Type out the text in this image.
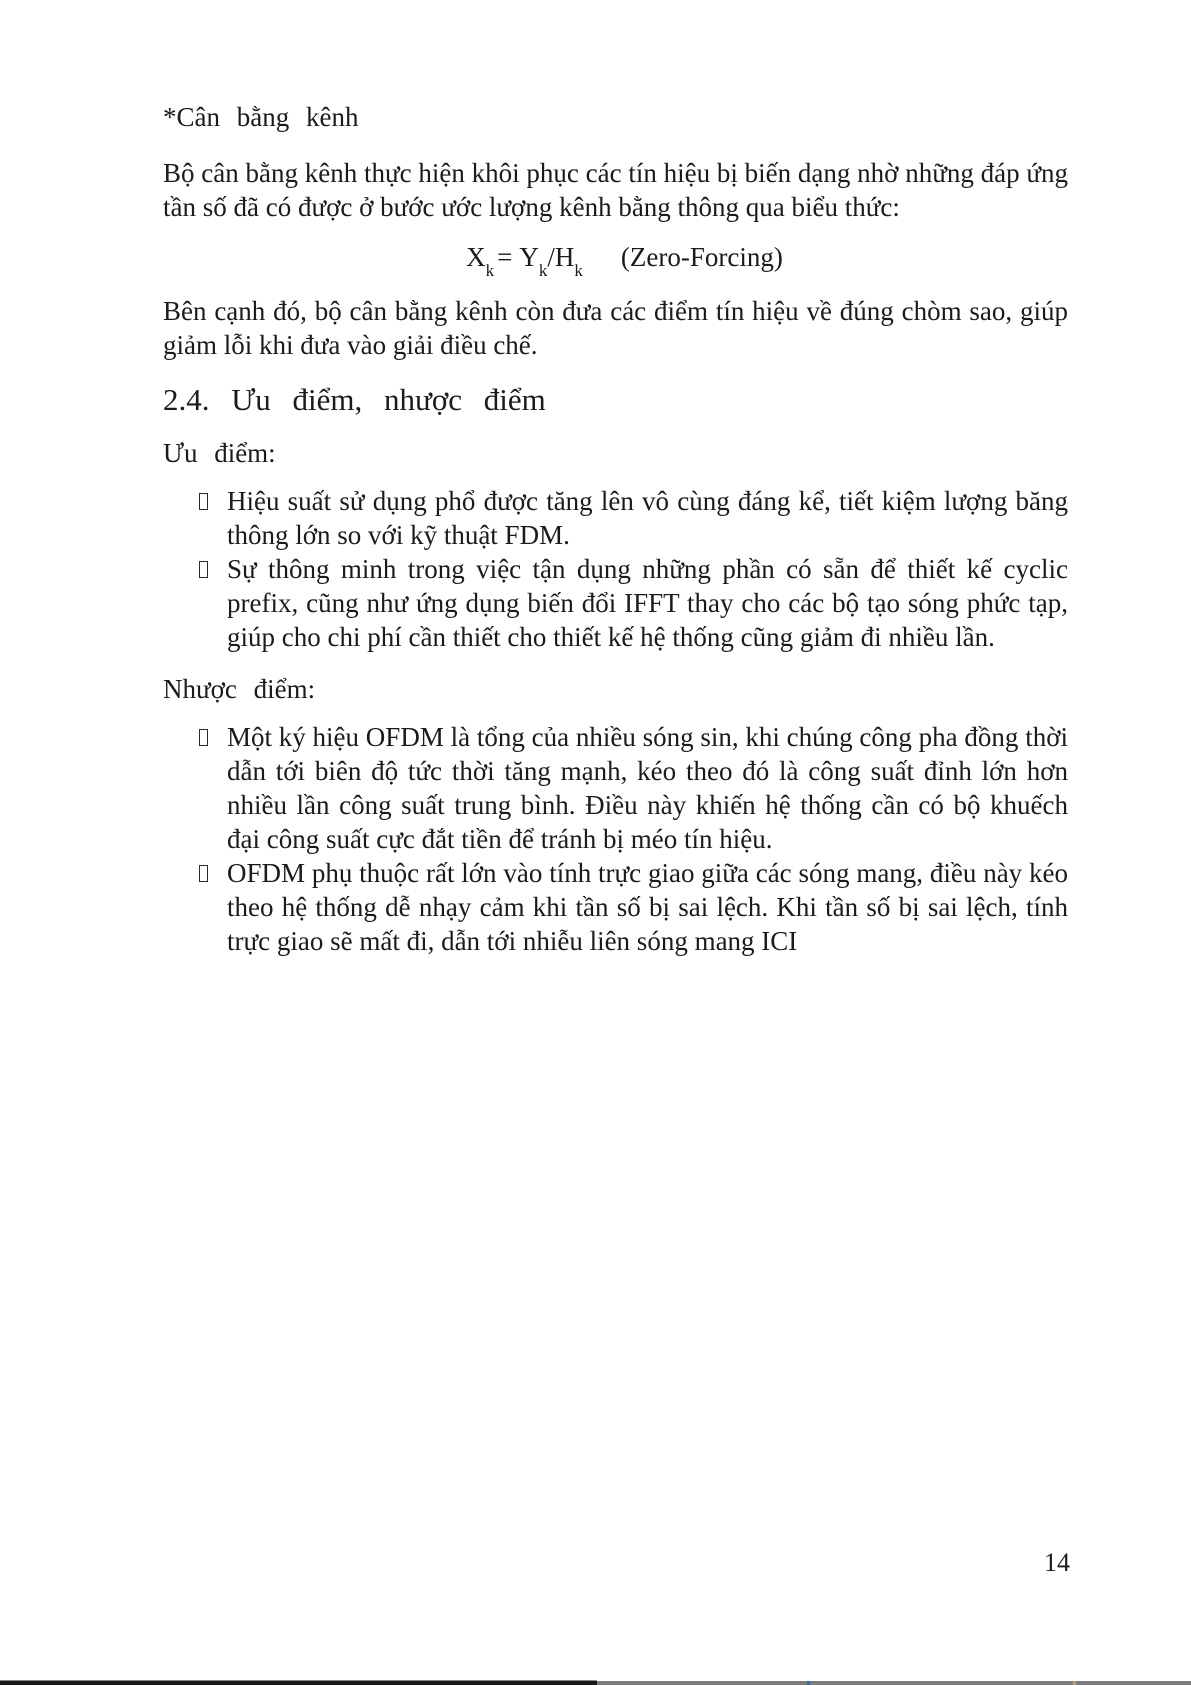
*Cân bằng kênh

Bộ cân bằng kênh thực hiện khôi phục các tín hiệu bị biến dạng nhờ những đáp ứng tần số đã có được ở bước ước lượng kênh bằng thông qua biểu thức:

$X_k = Y_k/H_k$ (Zero-Forcing)

Bên cạnh đó, bộ cân bằng kênh còn đưa các điểm tín hiệu về đúng chòm sao, giúp giảm lỗi khi đưa vào giải điều chế.

2.4. Ưu điểm, nhược điểm

Ưu điểm:

Hiệu suất sử dụng phổ được tăng lên vô cùng đáng kể, tiết kiệm lượng băng thông lớn so với kỹ thuật FDM.
Sự thông minh trong việc tận dụng những phần có sẵn để thiết kế cyclic prefix, cũng như ứng dụng biến đổi IFFT thay cho các bộ tạo sóng phức tạp, giúp cho chi phí cần thiết cho thiết kế hệ thống cũng giảm đi nhiều lần.

Nhược điểm:

Một ký hiệu OFDM là tổng của nhiều sóng sin, khi chúng công pha đồng thời dẫn tới biên độ tức thời tăng mạnh, kéo theo đó là công suất đỉnh lớn hơn nhiều lần công suất trung bình. Điều này khiến hệ thống cần có bộ khuếch đại công suất cực đắt tiền để tránh bị méo tín hiệu.
OFDM phụ thuộc rất lớn vào tính trực giao giữa các sóng mang, điều này kéo theo hệ thống dễ nhạy cảm khi tần số bị sai lệch. Khi tần số bị sai lệch, tính trực giao sẽ mất đi, dẫn tới nhiễu liên sóng mang ICI
14
